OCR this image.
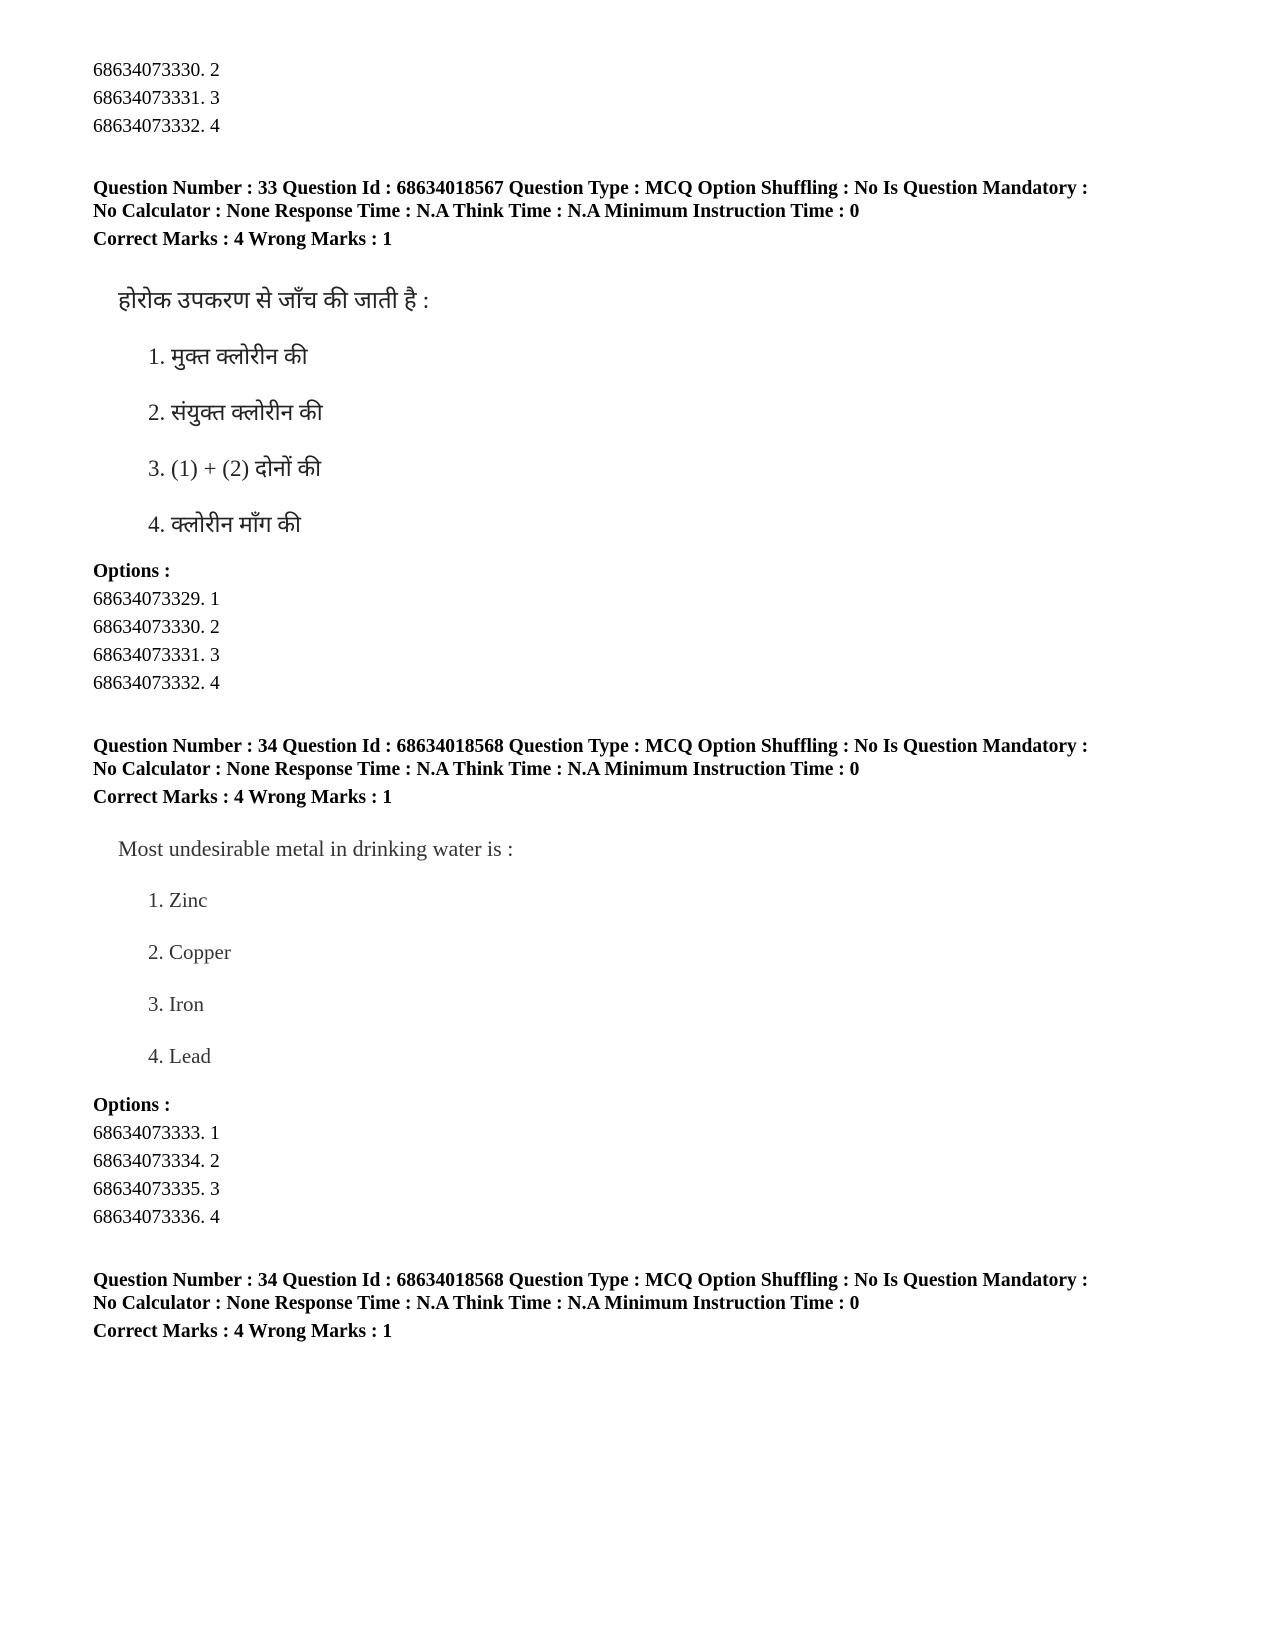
68634073330. 2
68634073331. 3
68634073332. 4
Question Number : 33 Question Id : 68634018567 Question Type : MCQ Option Shuffling : No Is Question Mandatory :
No Calculator : None Response Time : N.A Think Time : N.A Minimum Instruction Time : 0
Correct Marks : 4 Wrong Marks : 1
होरोक उपकरण से जाँच की जाती है :
1. मुक्त क्लोरीन की
2. संयुक्त क्लोरीन की
3. (1) + (2) दोनों की
4. क्लोरीन माँग की
Options :
68634073329. 1
68634073330. 2
68634073331. 3
68634073332. 4
Question Number : 34 Question Id : 68634018568 Question Type : MCQ Option Shuffling : No Is Question Mandatory :
No Calculator : None Response Time : N.A Think Time : N.A Minimum Instruction Time : 0
Correct Marks : 4 Wrong Marks : 1
Most undesirable metal in drinking water is :
1. Zinc
2. Copper
3. Iron
4. Lead
Options :
68634073333. 1
68634073334. 2
68634073335. 3
68634073336. 4
Question Number : 34 Question Id : 68634018568 Question Type : MCQ Option Shuffling : No Is Question Mandatory :
No Calculator : None Response Time : N.A Think Time : N.A Minimum Instruction Time : 0
Correct Marks : 4 Wrong Marks : 1
